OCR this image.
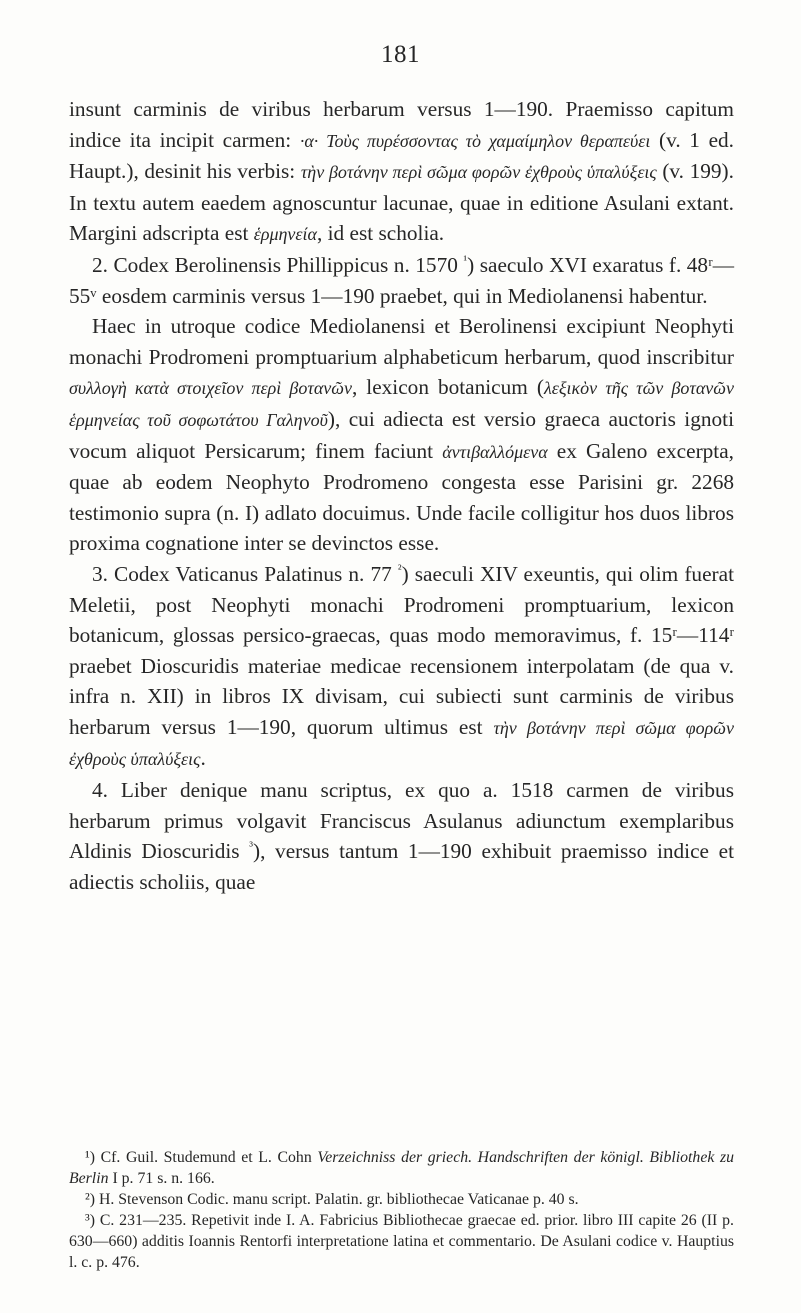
181

insunt carminis de viribus herbarum versus 1—190. Praemisso capitum indice ita incipit carmen: ·α· Τοὺς πυρέσσοντας τὸ χαμαίμηλον θεραπεύει (v. 1 ed. Haupt.), desinit his verbis: τὴν βοτάνην περὶ σῶμα φορῶν ἐχθροὺς ὑπαλύξεις (v. 199). In textu autem eaedem agnoscuntur lacunae, quae in editione Asulani extant. Margini adscripta est ἑρμηνεία, id est scholia.

2. Codex Berolinensis Phillippicus n. 1570 $^{^1}$) saeculo XVI exaratus f. 48ʳ—55ᵛ eosdem carminis versus 1—190 praebet, qui in Mediolanensi habentur.

Haec in utroque codice Mediolanensi et Berolinensi excipiunt Neophyti monachi Prodromeni promptuarium alphabeticum herbarum, quod inscribitur συλλογὴ κατὰ στοιχεῖον περὶ βοτανῶν, lexicon botanicum (λεξικὸν τῆς τῶν βοτανῶν ἑρμηνείας τοῦ σοφωτάτου Γαληνοῦ), cui adiecta est versio graeca auctoris ignoti vocum aliquot Persicarum; finem faciunt ἀντιβαλλόμενα ex Galeno excerpta, quae ab eodem Neophyto Prodromeno congesta esse Parisini gr. 2268 testimonio supra (n. I) adlato docuimus. Unde facile colligitur hos duos libros proxima cognatione inter se devinctos esse.

3. Codex Vaticanus Palatinus n. 77 $^{^2}$) saeculi XIV exeuntis, qui olim fuerat Meletii, post Neophyti monachi Prodromeni promptuarium, lexicon botanicum, glossas persico-graecas, quas modo memoravimus, f. 15ʳ—114ʳ praebet Dioscuridis materiae medicae recensionem interpolatam (de qua v. infra n. XII) in libros IX divisam, cui subiecti sunt carminis de viribus herbarum versus 1—190, quorum ultimus est τὴν βοτάνην περὶ σῶμα φορῶν ἐχθροὺς ὑπαλύξεις.

4. Liber denique manu scriptus, ex quo a. 1518 carmen de viribus herbarum primus volgavit Franciscus Asulanus adiunctum exemplaribus Aldinis Dioscuridis $^{^3}$), versus tantum 1—190 exhibuit praemisso indice et adiectis scholiis, quae

¹) Cf. Guil. Studemund et L. Cohn Verzeichniss der griech. Handschriften der königl. Bibliothek zu Berlin I p. 71 s. n. 166.

²) H. Stevenson Codic. manu script. Palatin. gr. bibliothecae Vaticanae p. 40 s.

³) C. 231—235. Repetivit inde I. A. Fabricius Bibliothecae graecae ed. prior. libro III capite 26 (II p. 630—660) additis Ioannis Rentorfi interpretatione latina et commentario. De Asulani codice v. Hauptius l. c. p. 476.
